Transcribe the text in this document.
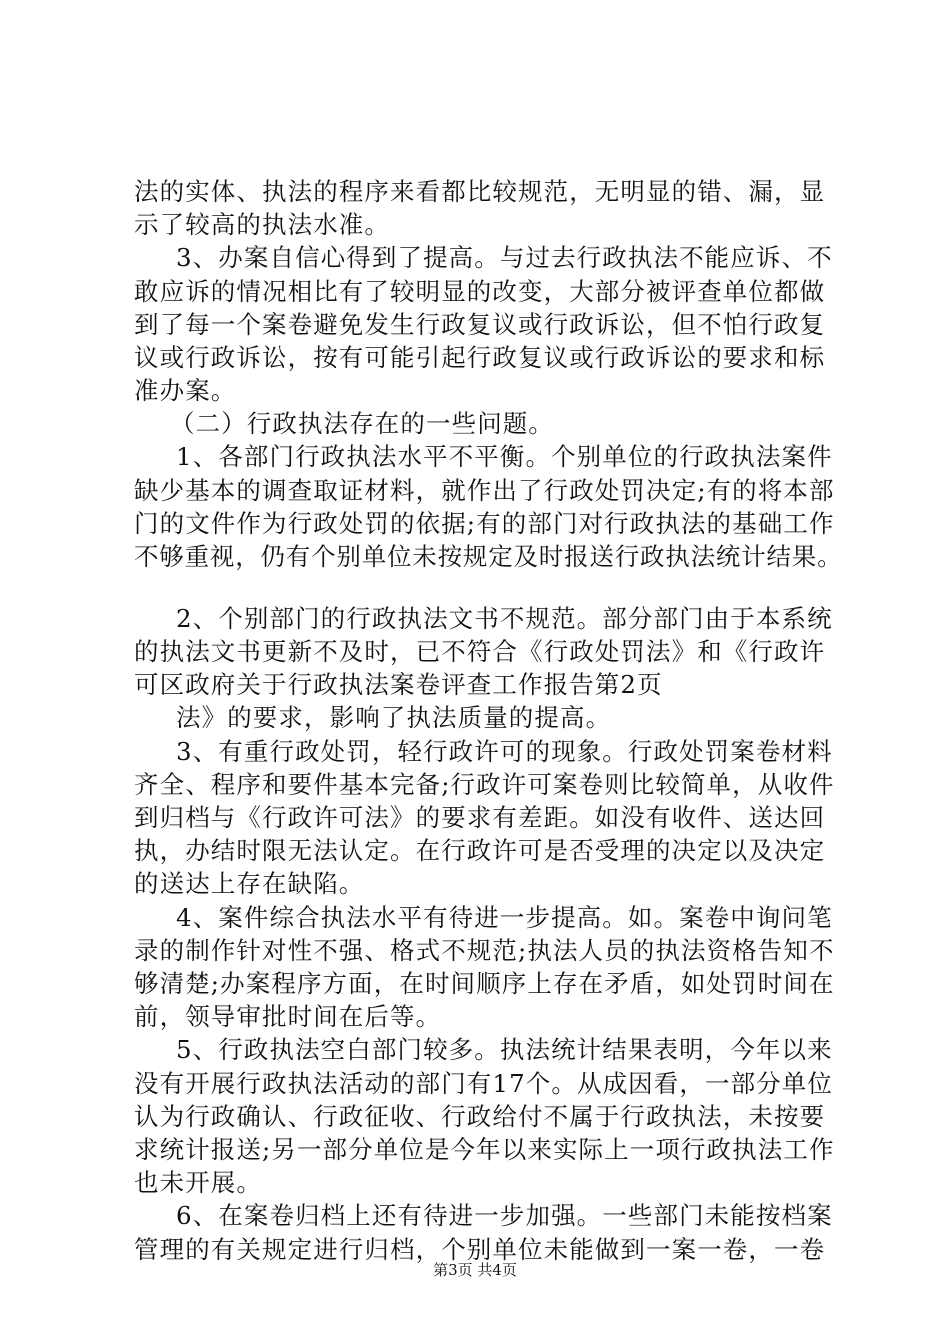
法的实体、执法的程序来看都比较规范，无明显的错、漏，显
示了较高的执法水准。
3、办案自信心得到了提高。与过去行政执法不能应诉、不
敢应诉的情况相比有了较明显的改变，大部分被评查单位都做
到了每一个案卷避免发生行政复议或行政诉讼，但不怕行政复
议或行政诉讼，按有可能引起行政复议或行政诉讼的要求和标
准办案。
（二）行政执法存在的一些问题。
1、各部门行政执法水平不平衡。个别单位的行政执法案件
缺少基本的调查取证材料，就作出了行政处罚决定;有的将本部
门的文件作为行政处罚的依据;有的部门对行政执法的基础工作
不够重视，仍有个别单位未按规定及时报送行政执法统计结果。
2、个别部门的行政执法文书不规范。部分部门由于本系统
的执法文书更新不及时，已不符合《行政处罚法》和《行政许
可区政府关于行政执法案卷评查工作报告第2页
法》的要求，影响了执法质量的提高。
3、有重行政处罚，轻行政许可的现象。行政处罚案卷材料
齐全、程序和要件基本完备;行政许可案卷则比较简单，从收件
到归档与《行政许可法》的要求有差距。如没有收件、送达回
执，办结时限无法认定。在行政许可是否受理的决定以及决定
的送达上存在缺陷。
4、案件综合执法水平有待进一步提高。如。案卷中询问笔
录的制作针对性不强、格式不规范;执法人员的执法资格告知不
够清楚;办案程序方面，在时间顺序上存在矛盾，如处罚时间在
前，领导审批时间在后等。
5、行政执法空白部门较多。执法统计结果表明，今年以来
没有开展行政执法活动的部门有17个。从成因看，一部分单位
认为行政确认、行政征收、行政给付不属于行政执法，未按要
求统计报送;另一部分单位是今年以来实际上一项行政执法工作
也未开展。
6、在案卷归档上还有待进一步加强。一些部门未能按档案
管理的有关规定进行归档，个别单位未能做到一案一卷，一卷
第3页 共4页
